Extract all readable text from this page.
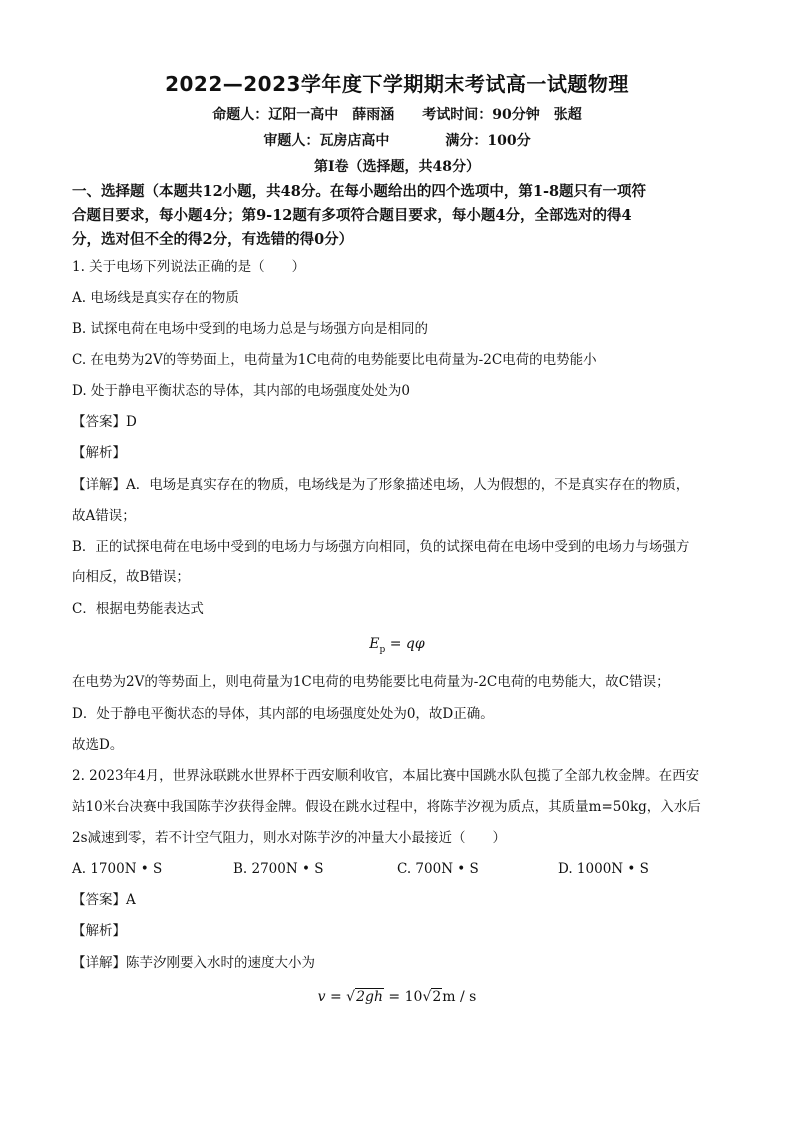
2022—2023学年度下学期期末考试高一试题物理
命题人：辽阳一高中　薛雨涵　　考试时间：90分钟　张超
审题人：瓦房店高中　　　　满分：100分
第Ⅰ卷（选择题，共48分）
一、选择题（本题共12小题，共48分。在每小题给出的四个选项中，第1-8题只有一项符
合题目要求，每小题4分；第9-12题有多项符合题目要求，每小题4分，全部选对的得4
分，选对但不全的得2分，有选错的得0分）
1. 关于电场下列说法正确的是（　　）
A. 电场线是真实存在的物质
B. 试探电荷在电场中受到的电场力总是与场强方向是相同的
C. 在电势为2V的等势面上，电荷量为1C电荷的电势能要比电荷量为-2C电荷的电势能小
D. 处于静电平衡状态的导体，其内部的电场强度处处为0
【答案】D
【解析】
【详解】A．电场是真实存在的物质，电场线是为了形象描述电场，人为假想的，不是真实存在的物质，
故A错误；
B．正的试探电荷在电场中受到的电场力与场强方向相同，负的试探电荷在电场中受到的电场力与场强方
向相反，故B错误；
C．根据电势能表达式
$E_p = q\varphi$
在电势为2V的等势面上，则电荷量为1C电荷的电势能要比电荷量为-2C电荷的电势能大，故C错误；
D．处于静电平衡状态的导体，其内部的电场强度处处为0，故D正确。
故选D。
2. 2023年4月，世界泳联跳水世界杯于西安顺利收官，本届比赛中国跳水队包揽了全部九枚金牌。在西安
站10米台决赛中我国陈芋汐获得金牌。假设在跳水过程中，将陈芋汐视为质点，其质量m=50kg，入水后
2s减速到零，若不计空气阻力，则水对陈芋汐的冲量大小最接近（　　）
A. 1700N • S	B. 2700N • S	C. 700N • S	D. 1000N • S
【答案】A
【解析】
【详解】陈芋汐刚要入水时的速度大小为
v = √2gh = 10√2m / s
